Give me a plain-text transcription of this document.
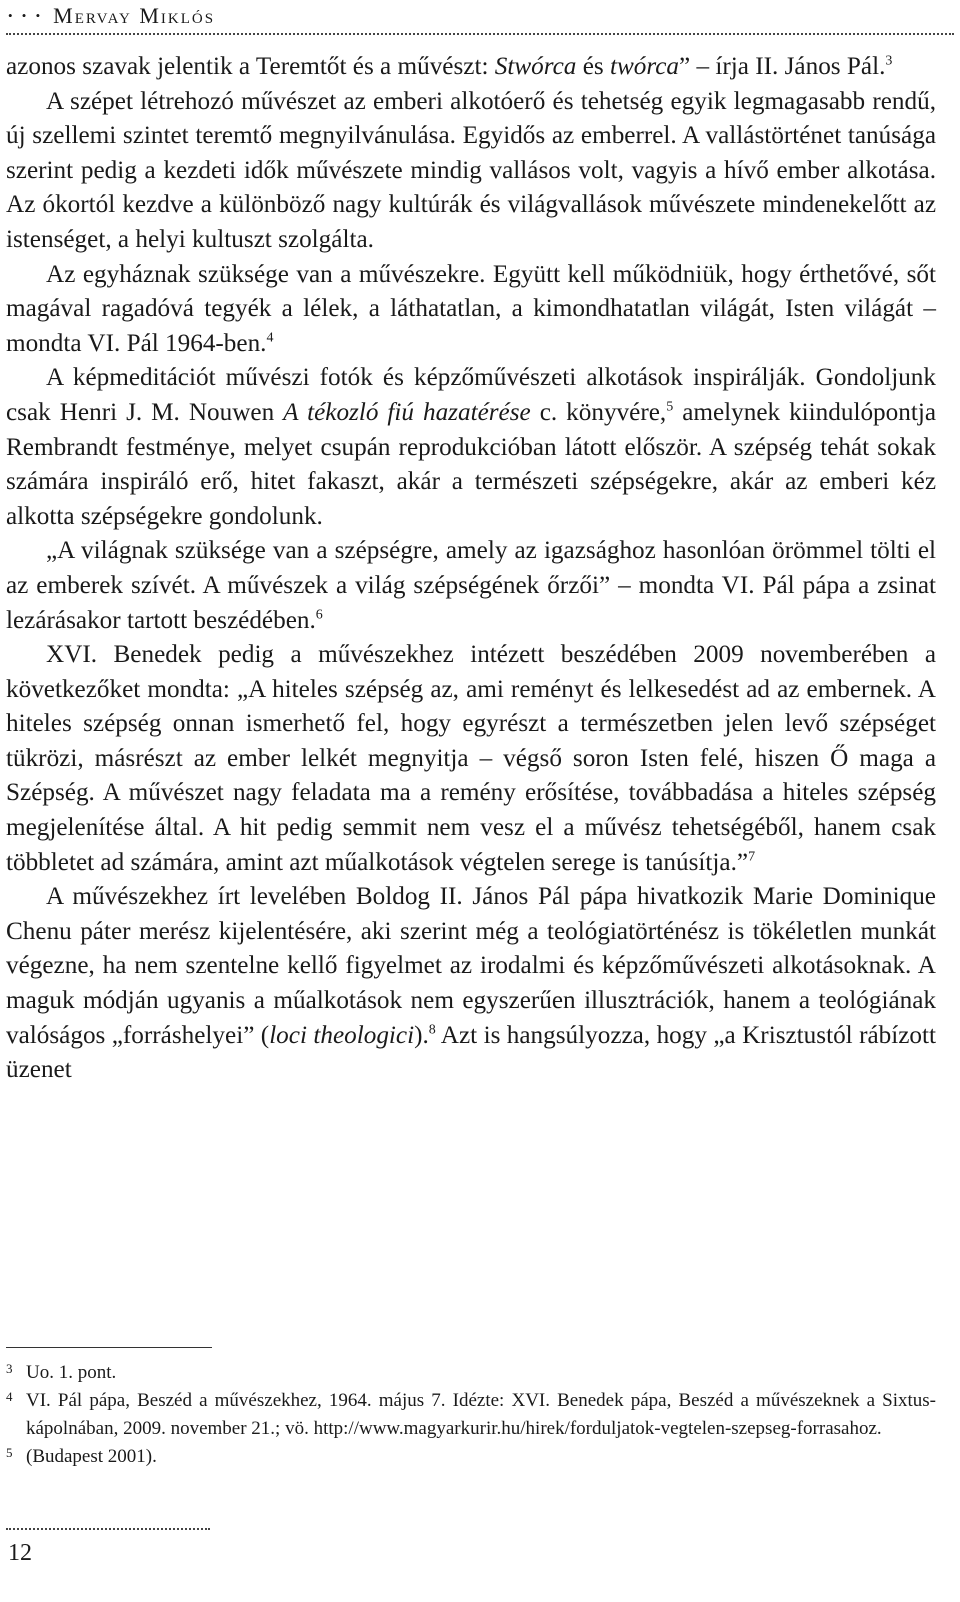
• • • Mervay Miklós

azonos szavak jelentik a Teremtőt és a művészt: Stwórca és twórca” – írja II. János Pál.$^3$

A szépet létrehozó művészet az emberi alkotóerő és tehetség egyik legmagasabb rendű, új szellemi szintet teremtő megnyilvánulása. Egyidős az emberrel. A vallástörténet tanúsága szerint pedig a kezdeti idők művészete mindig vallásos volt, vagyis a hívő ember alkotása. Az ókortól kezdve a különböző nagy kultúrák és világvallások művészete mindenekelőtt az istenséget, a helyi kultuszt szolgálta.

Az egyháznak szüksége van a művészekre. Együtt kell működniük, hogy érthetővé, sőt magával ragadóvá tegyék a lélek, a láthatatlan, a kimondhatatlan világát, Isten világát – mondta VI. Pál 1964-ben.$^4$

A képmeditációt művészi fotók és képzőművészeti alkotások inspirálják. Gondoljunk csak Henri J. M. Nouwen A tékozló fiú hazatérése c. könyvére,$^5$ amelynek kiindulópontja Rembrandt festménye, melyet csupán reprodukcióban látott először. A szépség tehát sokak számára inspiráló erő, hitet fakaszt, akár a természeti szépségekre, akár az emberi kéz alkotta szépségekre gondolunk.

„A világnak szüksége van a szépségre, amely az igazsághoz hasonlóan örömmel tölti el az emberek szívét. A művészek a világ szépségének őrzői” – mondta VI. Pál pápa a zsinat lezárásakor tartott beszédében.$^6$

XVI. Benedek pedig a művészekhez intézett beszédében 2009 novemberében a következőket mondta: „A hiteles szépség az, ami reményt és lelkesedést ad az embernek. A hiteles szépség onnan ismerhető fel, hogy egyrészt a természetben jelen levő szépséget tükrözi, másrészt az ember lelkét megnyitja – végső soron Isten felé, hiszen Ő maga a Szépség. A művészet nagy feladata ma a remény erősítése, továbbadása a hiteles szépség megjelenítése által. A hit pedig semmit nem vesz el a művész tehetségéből, hanem csak többletet ad számára, amint azt műalkotások végtelen serege is tanúsítja.”$^7$

A művészekhez írt levelében Boldog II. János Pál pápa hivatkozik Marie Dominique Chenu páter merész kijelentésére, aki szerint még a teológiatörténész is tökéletlen munkát végezne, ha nem szentelne kellő figyelmet az irodalmi és képzőművészeti alkotásoknak. A maguk módján ugyanis a műalkotások nem egyszerűen illusztrációk, hanem a teológiának valóságos „forráshelyei” (loci theologici).$^8$ Azt is hangsúlyozza, hogy „a Krisztustól rábízott üzenet

3 Uo. 1. pont.
4 VI. Pál pápa, Beszéd a művészekhez, 1964. május 7. Idézte: XVI. Benedek pápa, Beszéd a művészeknek a Sixtus-kápolnában, 2009. november 21.; vö. http://www.magyarkurir.hu/hirek/forduljatok-vegtelen-szepseg-forrasahoz.
5 (Budapest 2001).
12
